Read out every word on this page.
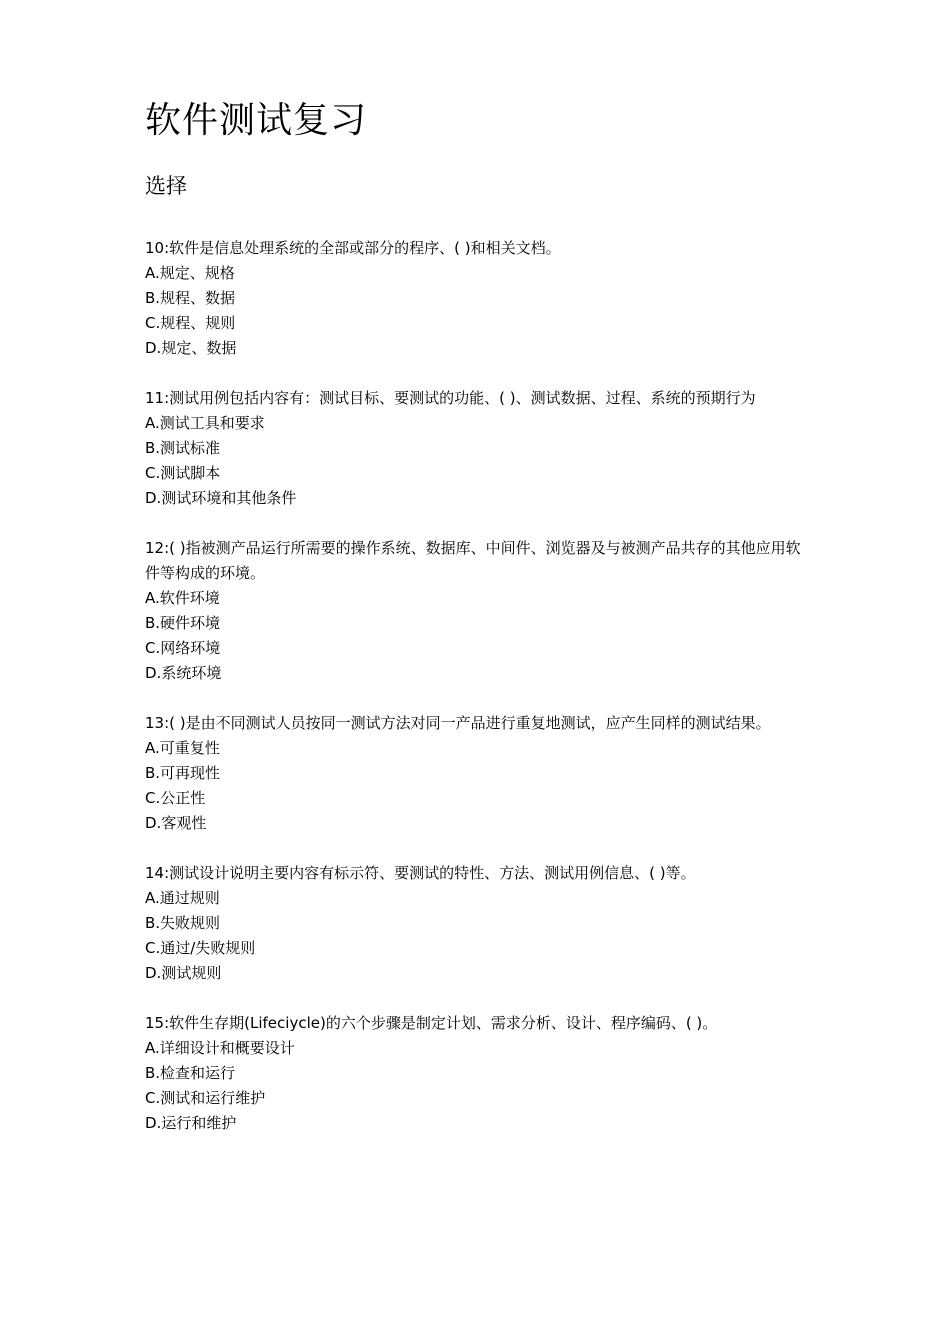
软件测试复习
选择

10:软件是信息处理系统的全部或部分的程序、( )和相关文档。

A.规定、规格

B.规程、数据

C.规程、规则

D.规定、数据

11:测试用例包括内容有：测试目标、要测试的功能、( )、测试数据、过程、系统的预期行为

A.测试工具和要求

B.测试标准

C.测试脚本

D.测试环境和其他条件

12:( )指被测产品运行所需要的操作系统、数据库、中间件、浏览器及与被测产品共存的其他应用软件等构成的环境。

A.软件环境

B.硬件环境

C.网络环境

D.系统环境

13:( )是由不同测试人员按同一测试方法对同一产品进行重复地测试，应产生同样的测试结果。

A.可重复性

B.可再现性

C.公正性

D.客观性

14:测试设计说明主要内容有标示符、要测试的特性、方法、测试用例信息、( )等。

A.通过规则

B.失败规则

C.通过/失败规则

D.测试规则

15:软件生存期(Lifeciycle)的六个步骤是制定计划、需求分析、设计、程序编码、( )。

A.详细设计和概要设计

B.检查和运行

C.测试和运行维护

D.运行和维护
